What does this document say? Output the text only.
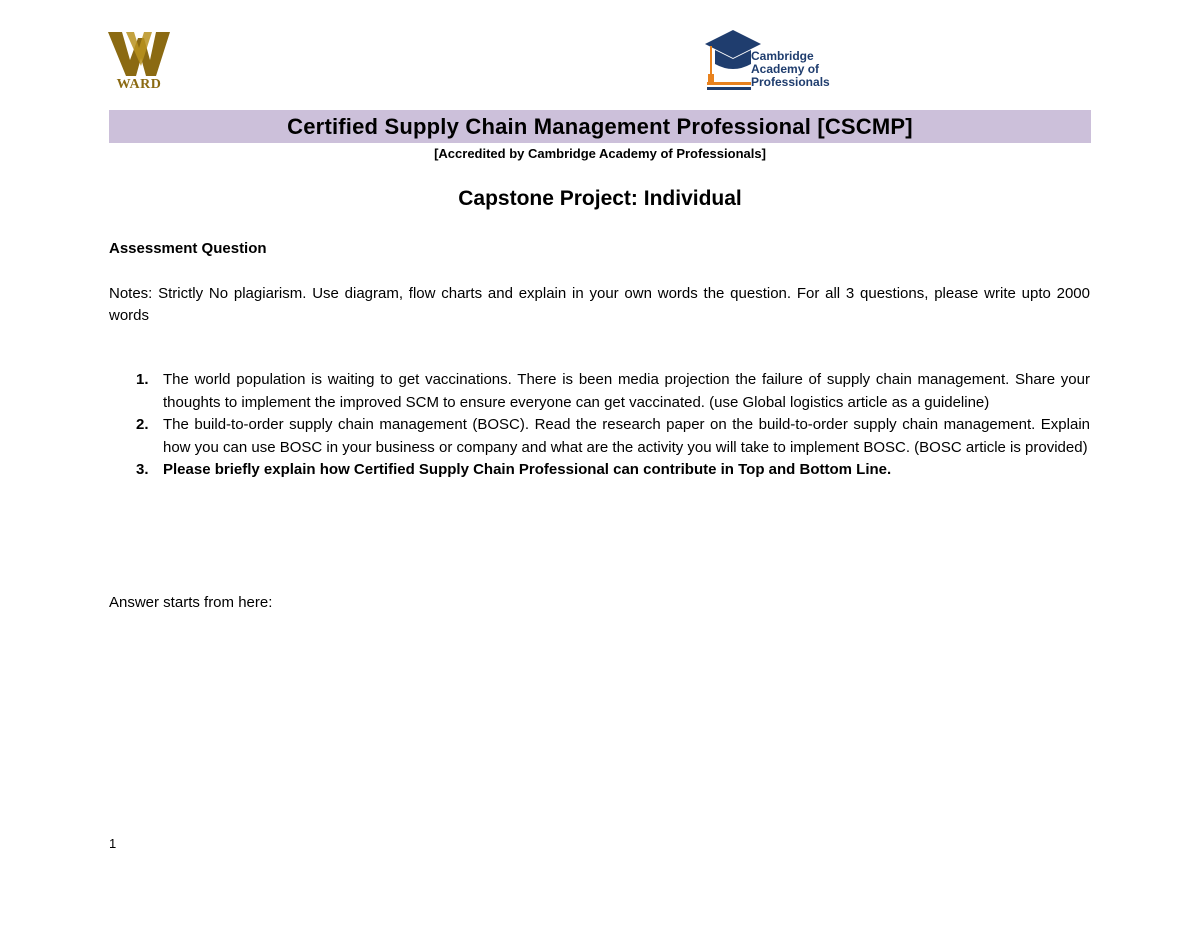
WARD
Cambridge
Academy of
Professionals
Certified Supply Chain Management Professional [CSCMP]
[Accredited by Cambridge Academy of Professionals]
Capstone Project: Individual
Assessment Question
Notes: Strictly No plagiarism. Use diagram, flow charts and explain in your own words the question. For all 3 questions, please write upto 2000 words
1. The world population is waiting to get vaccinations. There is been media projection the failure of supply chain management. Share your thoughts to implement the improved SCM to ensure everyone can get vaccinated. (use Global logistics article as a guideline)
2. The build-to-order supply chain management (BOSC). Read the research paper on the build-to-order supply chain management. Explain how you can use BOSC in your business or company and what are the activity you will take to implement BOSC. (BOSC article is provided)
3. Please briefly explain how Certified Supply Chain Professional can contribute in Top and Bottom Line.
Answer starts from here:
1
